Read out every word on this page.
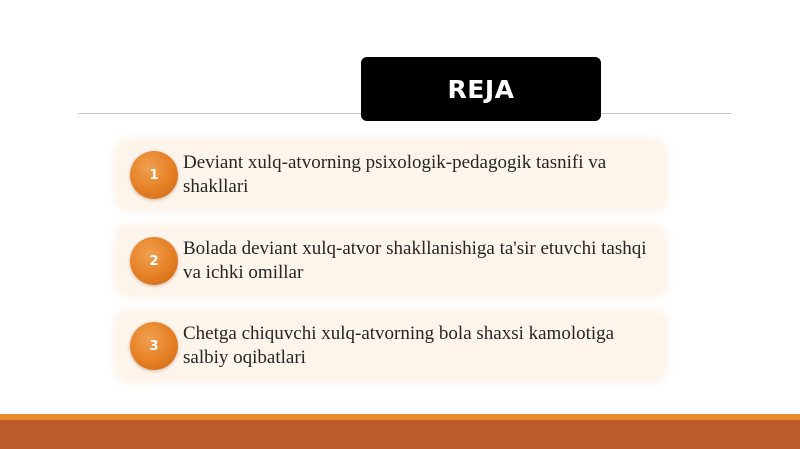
REJA
1
Deviant xulq-atvorning psixologik-pedagogik tasnifi va shakllari
2
Bolada deviant xulq-atvor shakllanishiga ta'sir etuvchi tashqi va ichki omillar
3
Chetga chiquvchi xulq-atvorning bola shaxsi kamolotiga salbiy oqibatlari
